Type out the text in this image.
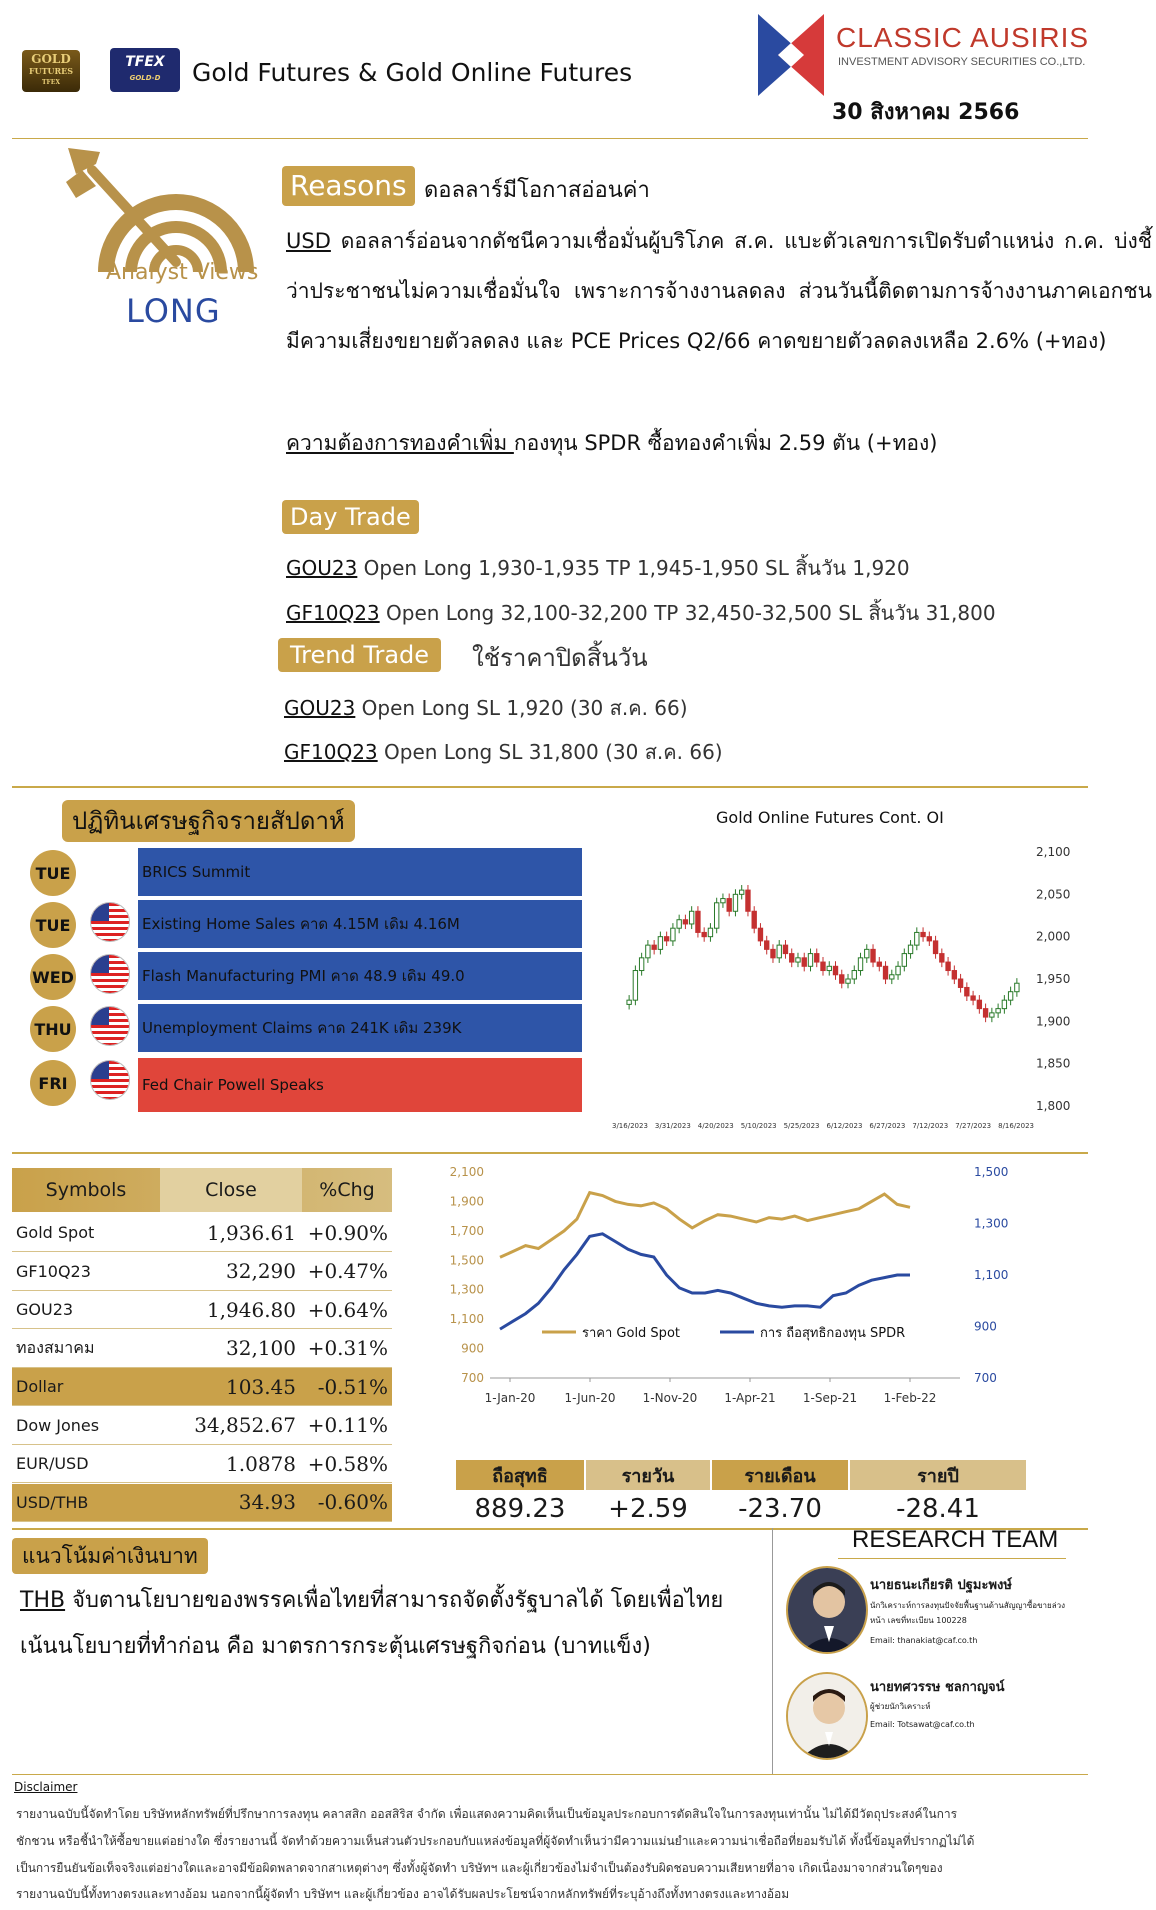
GOLD
FUTURES
TFEX
TFEX
GOLD-D Gold Futures & Gold Online Futures
CLASSIC AUSIRIS
INVESTMENT ADVISORY SECURITIES CO.,LTD.
30 สิงหาคม 2566
Analyst Views
LONG
Reasons ดอลลาร์มีโอกาสอ่อนค่า
USD ดอลลาร์อ่อนจากดัชนีความเชื่อมั่นผู้บริโภค ส.ค. แบะตัวเลขการเปิดรับตำแหน่ง ก.ค. บ่งชี้ว่าประชาชนไม่ความเชื่อมั่นใจ เพราะการจ้างงานลดลง ส่วนวันนี้ติดตามการจ้างงานภาคเอกชนมีความเสี่ยงขยายตัวลดลง และ PCE Prices Q2/66 คาดขยายตัวลดลงเหลือ 2.6% (+ทอง)
ความต้องการทองคำเพิ่ม กองทุน SPDR ซื้อทองคำเพิ่ม 2.59 ตัน (+ทอง)
Day Trade
GOU23 Open Long 1,930-1,935 TP 1,945-1,950 SL สิ้นวัน 1,920
GF10Q23 Open Long 32,100-32,200 TP 32,450-32,500 SL สิ้นวัน 31,800
Trend Trade	ใช้ราคาปิดสิ้นวัน
GOU23 Open Long SL 1,920 (30 ส.ค. 66)
GF10Q23 Open Long SL 31,800 (30 ส.ค. 66)
ปฏิทินเศรษฐกิจรายสัปดาห์
TUE	BRICS Summit
TUE	Existing Home Sales คาด 4.15M เดิม 4.16M
WED	Flash Manufacturing PMI คาด 48.9 เดิม 49.0
THU	Unemployment Claims คาด 241K เดิม 239K
FRI	Fed Chair Powell Speaks
Gold Online Futures Cont. OI
2,100
2,050
2,000
1,950
1,900
1,850
1,800
3/16/2023 3/31/2023 4/20/2023 5/10/2023 5/25/2023 6/12/2023 6/27/2023 7/12/2023 7/27/2023 8/16/2023
Symbols	Close	%Chg
Gold Spot	1,936.61 +0.90%
GF10Q23	32,290 +0.47%
GOU23	1,946.80 +0.64%
ทองสมาคม	32,100 +0.31%
Dollar	103.45	-0.51%
Dow Jones	34,852.67 +0.11%
EUR/USD	1.0878 +0.58%
USD/THB	34.93	-0.60%
2,100
1,900
1,700
1,500
1,300
1,100
900
700
1,500
1,300
1,100
900
700
1-Jan-20 1-Jun-20 1-Nov-20 1-Apr-21 1-Sep-21 1-Feb-22
ราคา Gold Spot	การ ถือสุทธิกองทุน SPDR
ถือสุทธิ
889.23
รายวัน
+2.59
รายเดือน
-23.70
รายปี
-28.41
แนวโน้มค่าเงินบาท
THB จับตานโยบายของพรรคเพื่อไทยที่สามารถจัดตั้งรัฐบาลได้ โดยเพื่อไทยเน้นนโยบายที่ทำก่อน คือ มาตรการกระตุ้นเศรษฐกิจก่อน (บาทแข็ง)
RESEARCH TEAM
นายธนะเกียรติ ปฐมะพงษ์
นักวิเคราะห์การลงทุนปัจจัยพื้นฐานด้านสัญญาซื้อขายล่วงหน้า เลขที่ทะเบียน 100228
Email: thanakiat@caf.co.th
นายทศวรรษ ชลกาญจน์
ผู้ช่วยนักวิเคราะห์
Email: Totsawat@caf.co.th
Disclaimer
รายงานฉบับนี้จัดทำโดย บริษัทหลักทรัพย์ที่ปรึกษาการลงทุน คลาสสิก ออสสิริส จำกัด เพื่อแสดงความคิดเห็นเป็นข้อมูลประกอบการตัดสินใจในการลงทุนเท่านั้น ไม่ได้มีวัตถุประสงค์ในการ
ชักชวน หรือชี้นำให้ซื้อขายแต่อย่างใด ซึ่งรายงานนี้ จัดทำด้วยความเห็นส่วนตัวประกอบกับแหล่งข้อมูลที่ผู้จัดทำเห็นว่ามีความแม่นยำและความน่าเชื่อถือที่ยอมรับได้ ทั้งนี้ข้อมูลที่ปรากฏไม่ได้
เป็นการยืนยันข้อเท็จจริงแต่อย่างใดและอาจมีข้อผิดพลาดจากสาเหตุต่างๆ ซึ่งทั้งผู้จัดทำ บริษัทฯ และผู้เกี่ยวข้องไม่จำเป็นต้องรับผิดชอบความเสียหายที่อาจ เกิดเนื่องมาจากส่วนใดๆของ
รายงานฉบับนี้ทั้งทางตรงและทางอ้อม นอกจากนี้ผู้จัดทำ บริษัทฯ และผู้เกี่ยวข้อง อาจได้รับผลประโยชน์จากหลักทรัพย์ที่ระบุอ้างถึงทั้งทางตรงและทางอ้อม
